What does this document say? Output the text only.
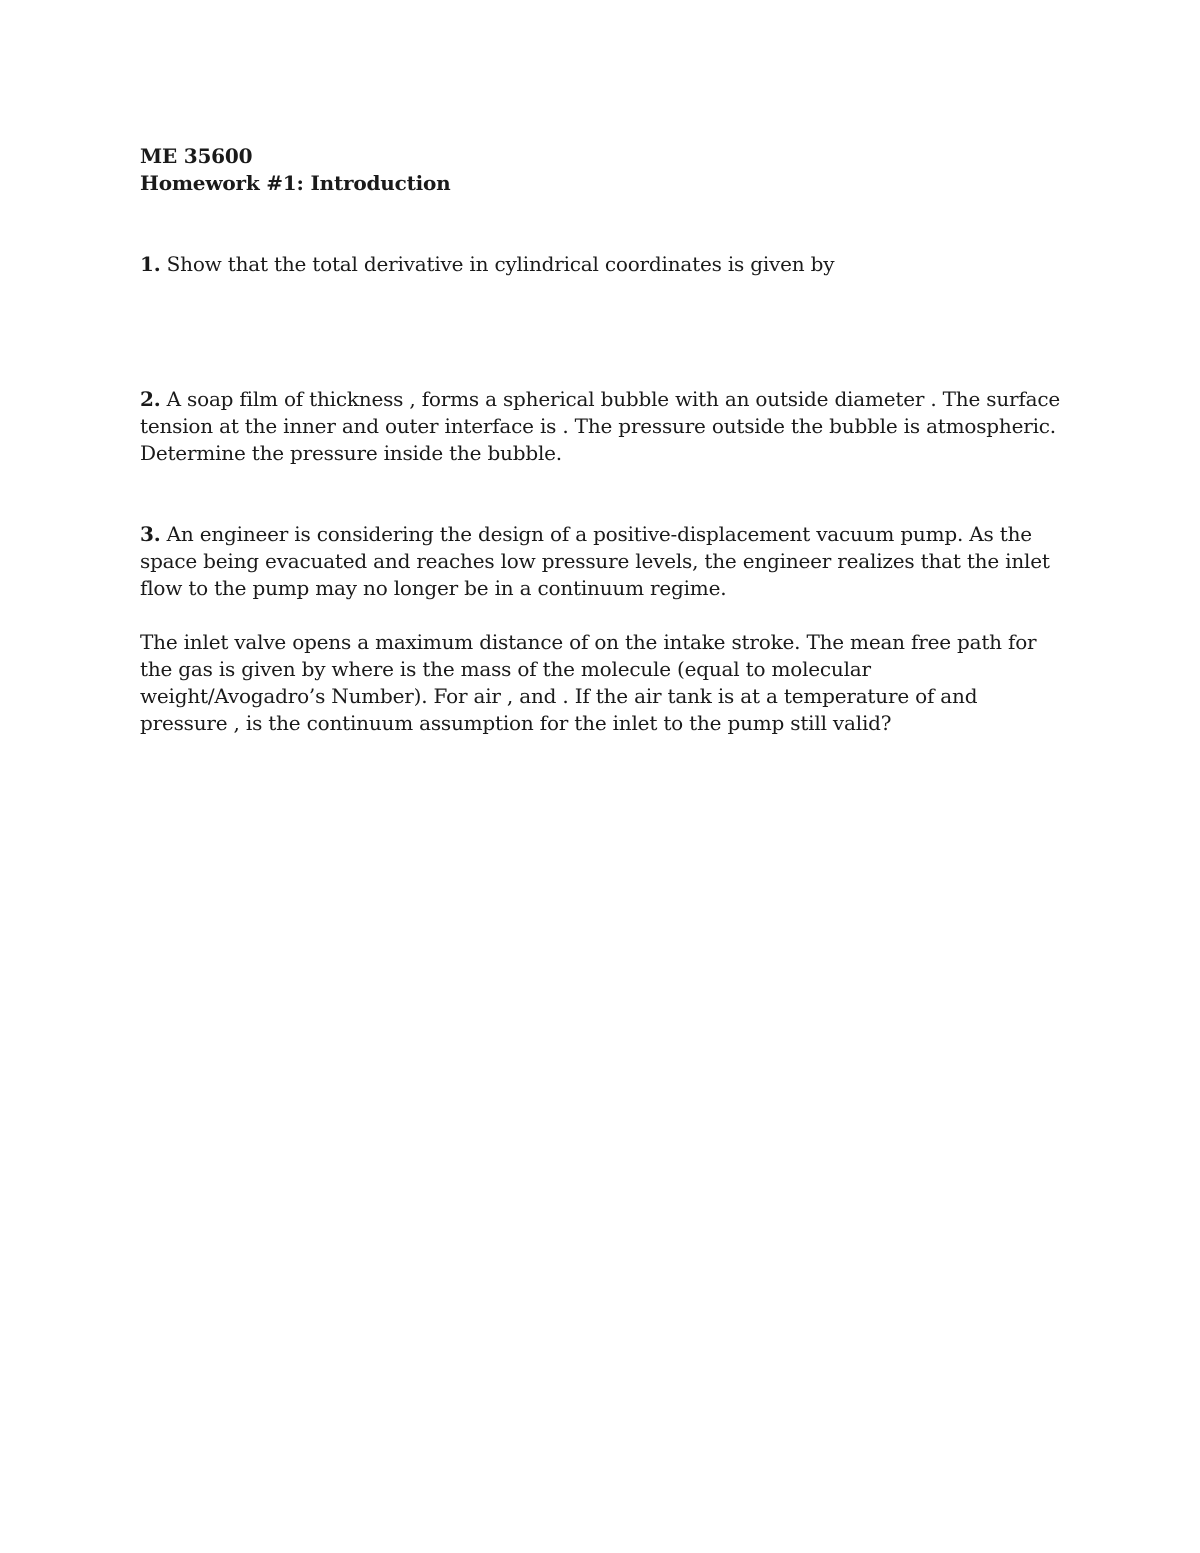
ME 35600

Homework #1: Introduction

1. Show that the total derivative in cylindrical coordinates is given by

2. A soap film of thickness , forms a spherical bubble with an outside diameter . The surface tension at the inner and outer interface is . The pressure outside the bubble is atmospheric. Determine the pressure inside the bubble.

3. An engineer is considering the design of a positive-displacement vacuum pump. As the space being evacuated and reaches low pressure levels, the engineer realizes that the inlet flow to the pump may no longer be in a continuum regime.

The inlet valve opens a maximum distance of on the intake stroke. The mean free path for the gas is given by where is the mass of the molecule (equal to molecular weight/Avogadro’s Number). For air , and . If the air tank is at a temperature of and pressure , is the continuum assumption for the inlet to the pump still valid?
